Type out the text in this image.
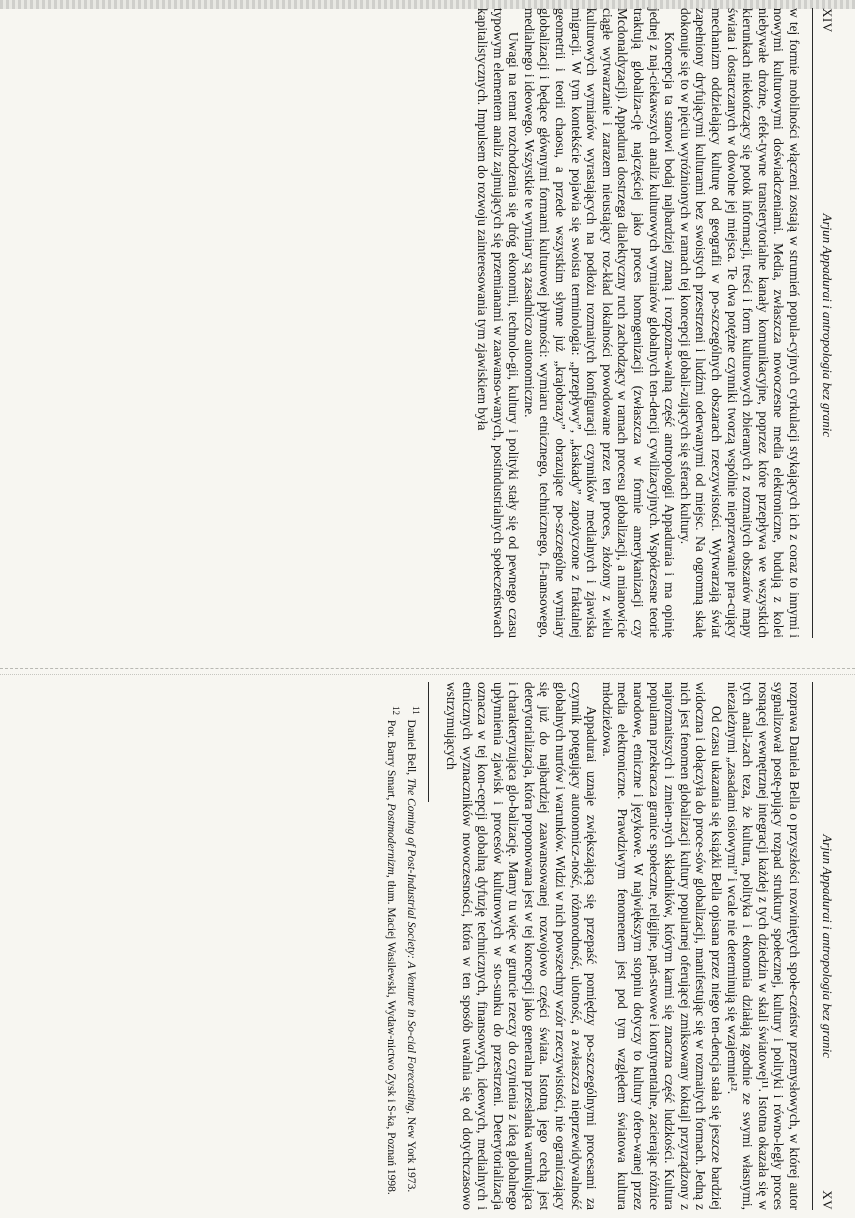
XIV
Arjun Appadurai i antropologia bez granic

w tej formie mobilności włączeni zostają w strumień popula-cyjnych cyrkulacji stykających ich z coraz to innymi i nowymi kulturowymi doświadczeniami. Media, zwłaszcza nowoczesne media elektroniczne, budują z kolei niebywałe drożne, efek-tywne transterytorialne kanały komunikacyjne, poprzez które przepływa we wszystkich kierunkach niekończący się potok informacji, treści i form kulturowych zbieranych z rozmaitych obszarów mapy świata i dostarczanych w dowolne jej miejsca. Te dwa potężne czynniki tworzą wspólnie nieprzerwanie pra-cujący mechanizm oddzielający kulturę od geografii w po-szczególnych obszarach rzeczywistości. Wytwarzają świat zapełniony dryfującymi kulturami bez swoistych przestrzeni i ludźmi oderwanymi od miejsc. Na ogromną skalę dokonuje się to w pięciu wyróżnionych w ramach tej koncepcji globali-zujących się sferach kultury.

Koncepcja ta stanowi bodaj najbardziej znaną i rozpozna-walną część antropologii Appaduraia i ma opinię jednej z naj-ciekawszych analiz kulturowych wymiarów globalnych ten-dencji cywilizacyjnych. Współczesne teorie traktują globaliza-cję najczęściej jako proces homogenizacji (zwłaszcza w formie amerykanizacji czy Mcdonaldyzacji). Appadurai dostrzega dialektyczny ruch zachodzący w ramach procesu globalizacji, a mianowicie ciągłe wytwarzanie i zarazem nieustający roz-kład lokalności powodowane przez ten proces, złożony z wielu kulturowych wymiarów wyrastających na podłożu rozmaitych konfiguracji czynników medialnych i zjawiska migracji. W tym kontekście pojawia się swoista terminologia: „przepływy”, „kaskady” zapożyczone z fraktalnej geometrii i teorii chaosu, a przede wszystkim słynne już „krajobrazy” obrazujące po-szczególne wymiary globalizacji i będące głównymi formami kulturowej płynności: wymiaru etnicznego, technicznego, fi-nansowego, medialnego i ideowego. Wszystkie te wymiary są zasadniczo autonomiczne.

Uwagi na temat rozchodzenia się dróg ekonomii, technolo-gii, kultury i polityki stały się od pewnego czasu typowym elementem analiz zajmujących się przemianami w zaawanso-wanych, postindustrialnych społeczeństwach kapitalistycznych. Impulsem do rozwoju zainteresowania tym zjawiskiem była

Arjun Appadurai i antropologia bez granic
XV

rozprawa Daniela Bella o przyszłości rozwiniętych społe-czeństw przemysłowych, w której autor sygnalizował postę-pujący rozpad struktury społecznej, kultury i polityki i równo-legły proces rosnącej wewnętrznej integracji każdej z tych dziedzin w skali światowej¹¹. Istotna okazała się w tych anali-zach teza, że kultura, polityka i ekonomia działają zgodnie ze swymi własnymi, niezależnymi „zasadami osiowymi” i wcale nie determinują się wzajemnie¹².

Od czasu ukazania się książki Bella opisana przez niego ten-dencja stała się jeszcze bardziej widoczna i dołączyła do proce-sów globalizacji, manifestując się w rozmaitych formach. Jedną z nich jest fenomen globalizacji kultury popularnej oferującej zmiksowany koktajl przyrządzony z najrozmaitszych i zmien-nych składników, którym karmi się znaczna część ludzkości. Kultura popularna przekracza granice społeczne, religijne, pań-stwowe i kontynentalne, zacierając różnice narodowe, etniczne i językowe. W największym stopniu dotyczy to kultury ofero-wanej przez media elektroniczne. Prawdziwym fenomenem jest pod tym względem światowa kultura młodzieżowa.

Appadurai uznaje zwiększającą się przepaść pomiędzy po-szczególnymi procesami za czynnik potęgujący autonomicz-ność, różnorodność, ulotność, a zwłaszcza nieprzewidywalność globalnych nurtów i warunków. Widzi w nich powszechny wzór rzeczywistości, nie ograniczający się już do najbardziej zaawansowanej rozwojowo części świata. Istotną jego cechą jest deterytorializacja, która proponowana jest w tej koncepcji jako generalna przesłanka warunkująca i charakteryzująca glo-balizację. Mamy tu więc w gruncie rzeczy do czynienia z ideą globalnego upłynnienia zjawisk i procesów kulturowych w sto-sunku do przestrzeni. Deterytorializacja oznacza w tej kon-cepcji globalną dyfuzję technicznych, finansowych, ideowych, medialnych i etnicznych wyznaczników nowoczesności, która w ten sposób uwalnia się od dotychczasowo wstrzymujących

$^{11}$ Daniel Bell, The Coming of Post-Industrial Society: A Venture in So-cial Forecasting, New York 1973.

$^{12}$ Por. Barry Smart, Postmodernizm, tłum. Maciej Wasilewski, Wydaw-nictwo Zysk i S-ka, Poznań 1998.
